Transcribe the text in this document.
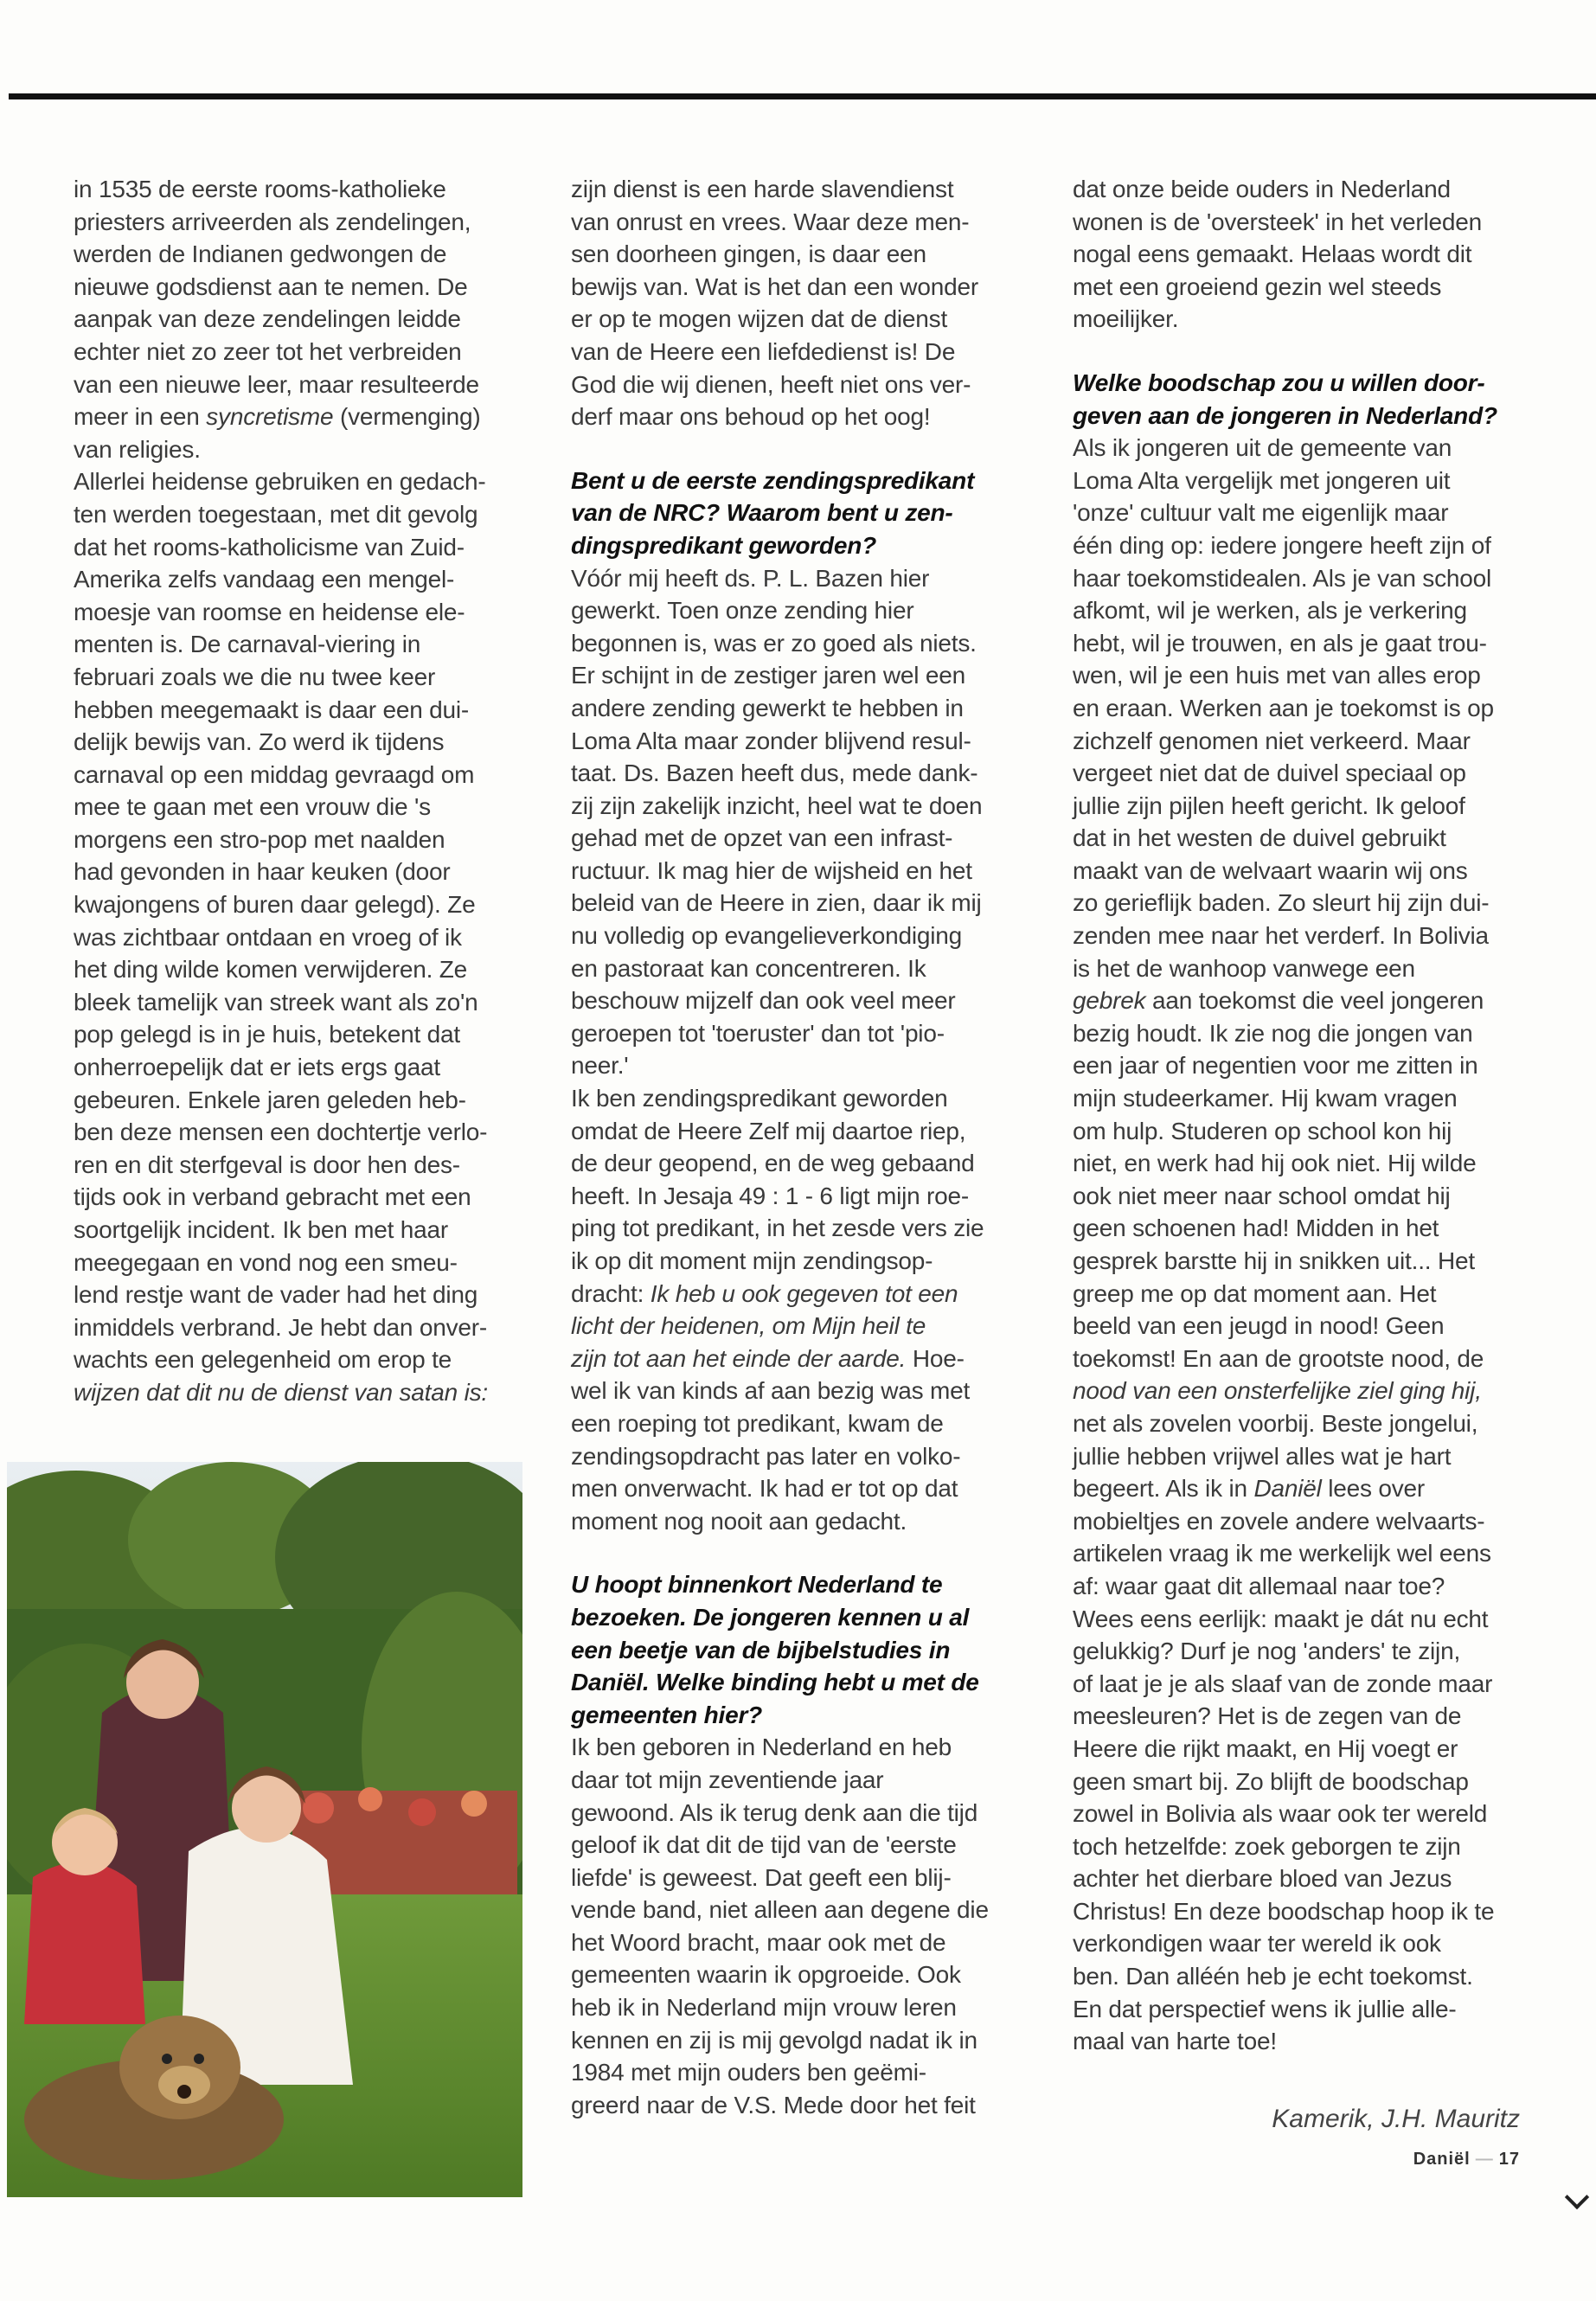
in 1535 de eerste rooms-katholieke
priesters arriveerden als zendelingen,
werden de Indianen gedwongen de
nieuwe godsdienst aan te nemen. De
aanpak van deze zendelingen leidde
echter niet zo zeer tot het verbreiden
van een nieuwe leer, maar resulteerde
meer in een syncretisme (vermenging)
van religies.

Allerlei heidense gebruiken en gedach-
ten werden toegestaan, met dit gevolg
dat het rooms-katholicisme van Zuid-
Amerika zelfs vandaag een mengel-
moesje van roomse en heidense ele-
menten is. De carnaval-viering in
februari zoals we die nu twee keer
hebben meegemaakt is daar een dui-
delijk bewijs van. Zo werd ik tijdens
carnaval op een middag gevraagd om
mee te gaan met een vrouw die 's
morgens een stro-pop met naalden
had gevonden in haar keuken (door
kwajongens of buren daar gelegd). Ze
was zichtbaar ontdaan en vroeg of ik
het ding wilde komen verwijderen. Ze
bleek tamelijk van streek want als zo'n
pop gelegd is in je huis, betekent dat
onherroepelijk dat er iets ergs gaat
gebeuren. Enkele jaren geleden heb-
ben deze mensen een dochtertje verlo-
ren en dit sterfgeval is door hen des-
tijds ook in verband gebracht met een
soortgelijk incident. Ik ben met haar
meegegaan en vond nog een smeu-
lend restje want de vader had het ding
inmiddels verbrand. Je hebt dan onver-
wachts een gelegenheid om erop te
wijzen dat dit nu de dienst van satan is:

zijn dienst is een harde slavendienst
van onrust en vrees. Waar deze men-
sen doorheen gingen, is daar een
bewijs van. Wat is het dan een wonder
er op te mogen wijzen dat de dienst
van de Heere een liefdedienst is! De
God die wij dienen, heeft niet ons ver-
derf maar ons behoud op het oog!

Bent u de eerste zendingspredikant
van de NRC? Waarom bent u zen-
dingspredikant geworden?

Vóór mij heeft ds. P. L. Bazen hier
gewerkt. Toen onze zending hier
begonnen is, was er zo goed als niets.
Er schijnt in de zestiger jaren wel een
andere zending gewerkt te hebben in
Loma Alta maar zonder blijvend resul-
taat. Ds. Bazen heeft dus, mede dank-
zij zijn zakelijk inzicht, heel wat te doen
gehad met de opzet van een infrast-
ructuur. Ik mag hier de wijsheid en het
beleid van de Heere in zien, daar ik mij
nu volledig op evangelieverkondiging
en pastoraat kan concentreren. Ik
beschouw mijzelf dan ook veel meer
geroepen tot 'toeruster' dan tot 'pio-
neer.'

Ik ben zendingspredikant geworden
omdat de Heere Zelf mij daartoe riep,
de deur geopend, en de weg gebaand
heeft. In Jesaja 49 : 1 - 6 ligt mijn roe-
ping tot predikant, in het zesde vers zie
ik op dit moment mijn zendingsop-
dracht: Ik heb u ook gegeven tot een
licht der heidenen, om Mijn heil te
zijn tot aan het einde der aarde. Hoe-
wel ik van kinds af aan bezig was met
een roeping tot predikant, kwam de
zendingsopdracht pas later en volko-
men onverwacht. Ik had er tot op dat
moment nog nooit aan gedacht.

U hoopt binnenkort Nederland te
bezoeken. De jongeren kennen u al
een beetje van de bijbelstudies in
Daniël. Welke binding hebt u met de
gemeenten hier?

Ik ben geboren in Nederland en heb
daar tot mijn zeventiende jaar
gewoond. Als ik terug denk aan die tijd
geloof ik dat dit de tijd van de 'eerste
liefde' is geweest. Dat geeft een blij-
vende band, niet alleen aan degene die
het Woord bracht, maar ook met de
gemeenten waarin ik opgroeide. Ook
heb ik in Nederland mijn vrouw leren
kennen en zij is mij gevolgd nadat ik in
1984 met mijn ouders ben geëmi-
greerd naar de V.S. Mede door het feit

dat onze beide ouders in Nederland
wonen is de 'oversteek' in het verleden
nogal eens gemaakt. Helaas wordt dit
met een groeiend gezin wel steeds
moeilijker.

Welke boodschap zou u willen door-
geven aan de jongeren in Nederland?

Als ik jongeren uit de gemeente van
Loma Alta vergelijk met jongeren uit
'onze' cultuur valt me eigenlijk maar
één ding op: iedere jongere heeft zijn of
haar toekomstidealen. Als je van school
afkomt, wil je werken, als je verkering
hebt, wil je trouwen, en als je gaat trou-
wen, wil je een huis met van alles erop
en eraan. Werken aan je toekomst is op
zichzelf genomen niet verkeerd. Maar
vergeet niet dat de duivel speciaal op
jullie zijn pijlen heeft gericht. Ik geloof
dat in het westen de duivel gebruikt
maakt van de welvaart waarin wij ons
zo gerieflijk baden. Zo sleurt hij zijn dui-
zenden mee naar het verderf. In Bolivia
is het de wanhoop vanwege een
gebrek aan toekomst die veel jongeren
bezig houdt. Ik zie nog die jongen van
een jaar of negentien voor me zitten in
mijn studeerkamer. Hij kwam vragen
om hulp. Studeren op school kon hij
niet, en werk had hij ook niet. Hij wilde
ook niet meer naar school omdat hij
geen schoenen had! Midden in het
gesprek barstte hij in snikken uit... Het
greep me op dat moment aan. Het
beeld van een jeugd in nood! Geen
toekomst! En aan de grootste nood, de
nood van een onsterfelijke ziel ging hij,
net als zovelen voorbij. Beste jongelui,
jullie hebben vrijwel alles wat je hart
begeert. Als ik in Daniël lees over
mobieltjes en zovele andere welvaarts-
artikelen vraag ik me werkelijk wel eens
af: waar gaat dit allemaal naar toe?
Wees eens eerlijk: maakt je dát nu echt
gelukkig? Durf je nog 'anders' te zijn,
of laat je je als slaaf van de zonde maar
meesleuren? Het is de zegen van de
Heere die rijkt maakt, en Hij voegt er
geen smart bij. Zo blijft de boodschap
zowel in Bolivia als waar ook ter wereld
toch hetzelfde: zoek geborgen te zijn
achter het dierbare bloed van Jezus
Christus! En deze boodschap hoop ik te
verkondigen waar ter wereld ik ook
ben. Dan alléén heb je echt toekomst.
En dat perspectief wens ik jullie alle-
maal van harte toe!

Kamerik, J.H. Mauritz
Daniël — 17
